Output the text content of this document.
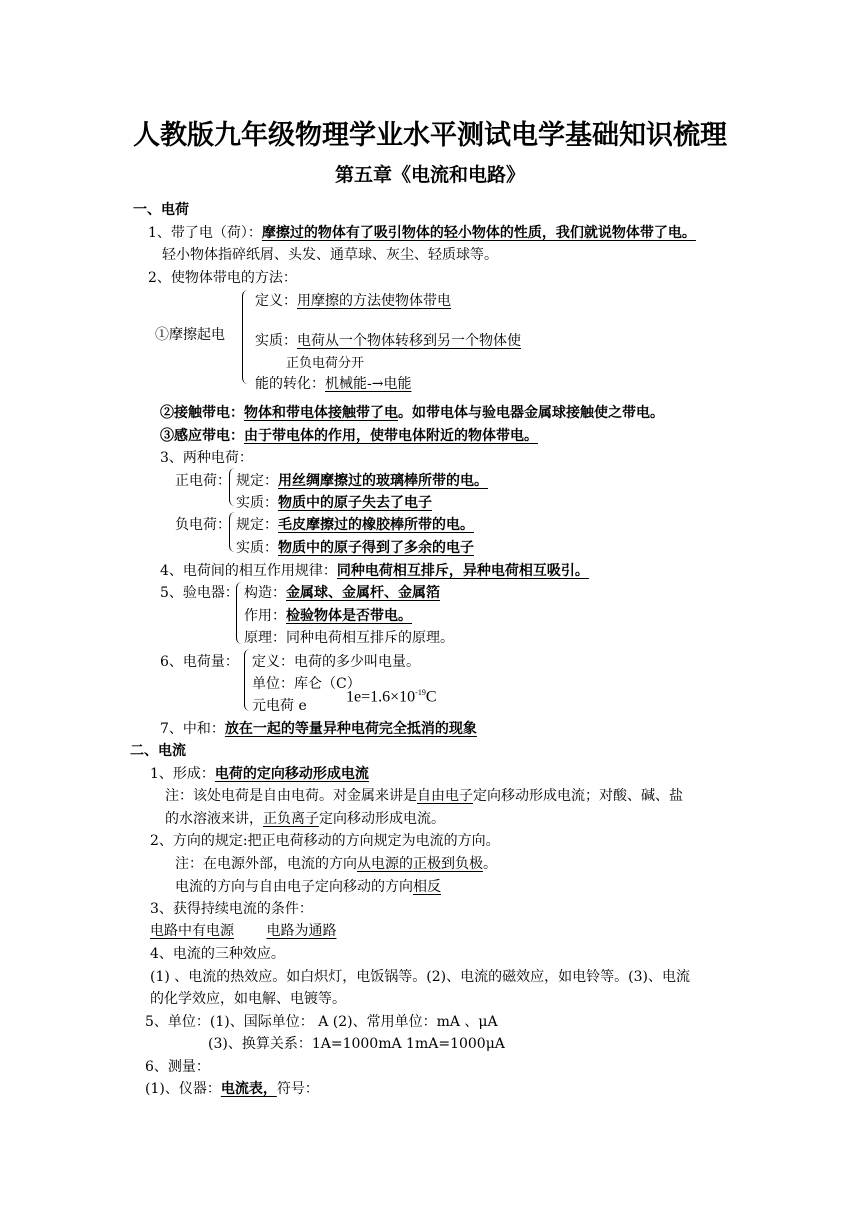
人教版九年级物理学业水平测试电学基础知识梳理
第五章《电流和电路》
一、电荷
1、带了电（荷）：摩擦过的物体有了吸引物体的轻小物体的性质，我们就说物体带了电。
轻小物体指碎纸屑、头发、通草球、灰尘、轻质球等。
2、使物体带电的方法：
①摩擦起电
定义：用摩擦的方法使物体带电
实质：电荷从一个物体转移到另一个物体使
正负电荷分开
能的转化：机械能-→电能
②接触带电：物体和带电体接触带了电。如带电体与验电器金属球接触使之带电。
③感应带电：由于带电体的作用，使带电体附近的物体带电。
3、两种电荷：
正电荷： 规定：用丝绸摩擦过的玻璃棒所带的电。
实质：物质中的原子失去了电子
负电荷： 规定：毛皮摩擦过的橡胶棒所带的电。
实质：物质中的原子得到了多余的电子
4、电荷间的相互作用规律：同种电荷相互排斥，异种电荷相互吸引。
5、验电器： 构造：金属球、金属杆、金属箔
作用：检验物体是否带电。
原理：同种电荷相互排斥的原理。
6、电荷量： 定义：电荷的多少叫电量。
单位：库仑（C）
元电荷 e
$1e=1.6\times 10^{-19}C$
7、中和：放在一起的等量异种电荷完全抵消的现象
二、电流
1、形成：电荷的定向移动形成电流
注：该处电荷是自由电荷。对金属来讲是自由电子定向移动形成电流；对酸、碱、盐
的水溶液来讲，正负离子定向移动形成电流。
2、方向的规定:把正电荷移动的方向规定为电流的方向。
注：在电源外部，电流的方向从电源的正极到负极。
电流的方向与自由电子定向移动的方向相反
3、获得持续电流的条件：
电路中有电源 电路为通路
4、电流的三种效应。
(1) 、电流的热效应。如白炽灯，电饭锅等。(2)、电流的磁效应，如电铃等。(3)、电流
的化学效应，如电解、电镀等。
5、单位：(1)、国际单位： A (2)、常用单位：mA 、μA
(3)、换算关系：1A=1000mA 1mA=1000μA
6、测量：
(1)、仪器：电流表，符号：
